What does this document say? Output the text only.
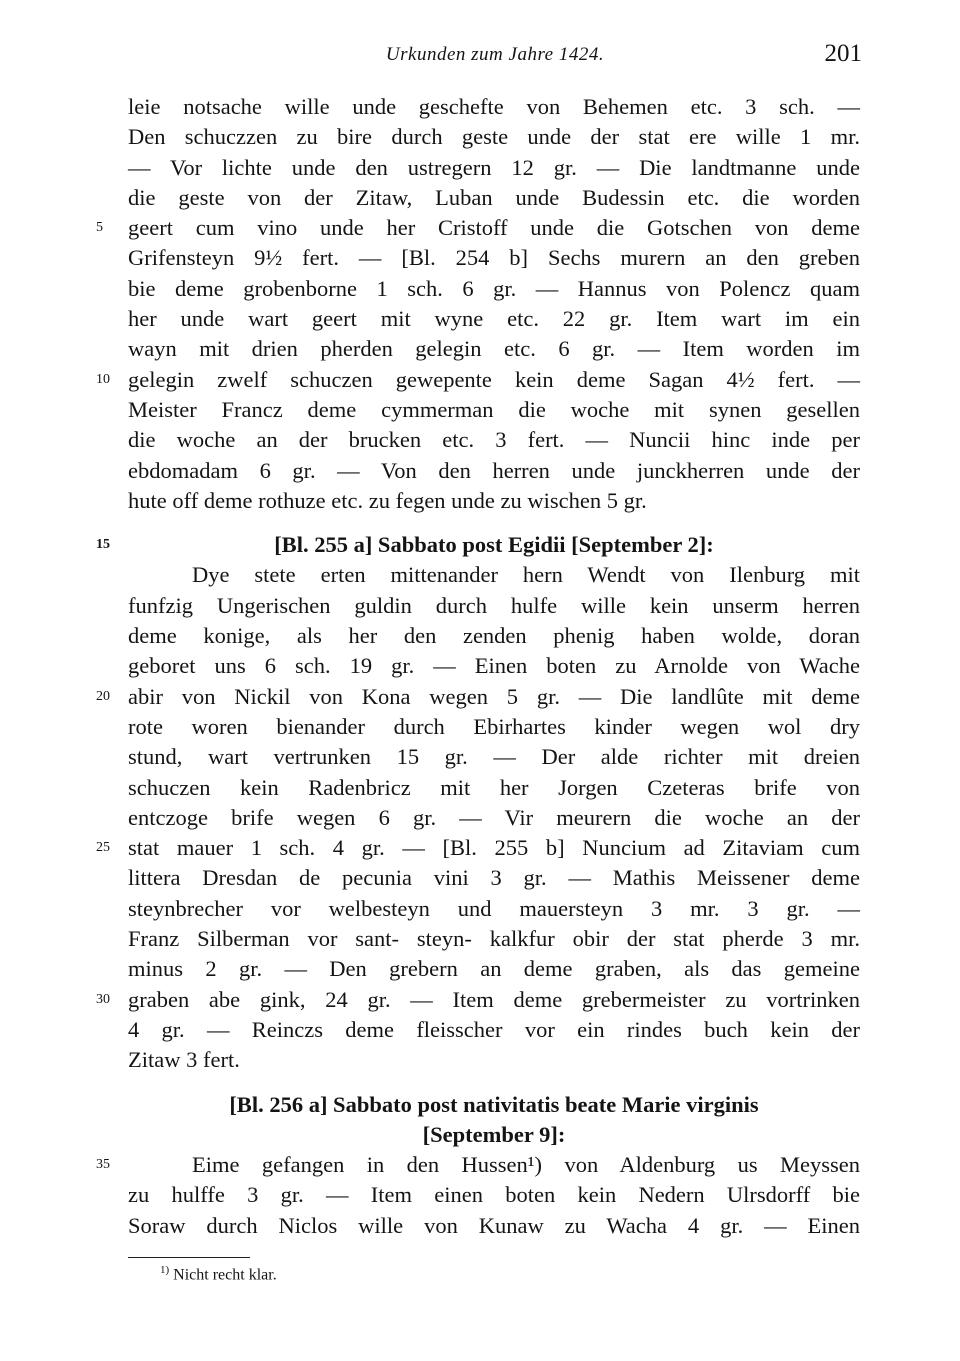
Urkunden zum Jahre 1424.	201
leie notsache wille unde geschefte von Behemen etc. 3 sch. —
Den schuczzen zu bire durch geste unde der stat ere wille 1 mr.
— Vor lichte unde den ustregern 12 gr. — Die landtmanne unde
die geste von der Zitaw, Luban unde Budessin etc. die worden
5	geert cum vino unde her Cristoff unde die Gotschen von deme
Grifensteyn 9½ fert. — [Bl. 254 b] Sechs murern an den greben
bie deme grobenborne 1 sch. 6 gr. — Hannus von Polencz quam
her unde wart geert mit wyne etc. 22 gr. Item wart im ein
wayn mit drien pherden gelegin etc. 6 gr. — Item worden im
10 gelegin zwelf schuczen gewepente kein deme Sagan 4½ fert. —
Meister Francz deme cymmerman die woche mit synen gesellen
die woche an der brucken etc. 3 fert. — Nuncii hinc inde per
ebdomadam 6 gr. — Von den herren unde junckherren unde der
hute off deme rothuze etc. zu fegen unde zu wischen 5 gr.
15	[Bl. 255 a] Sabbato post Egidii [September 2]:
Dye stete erten mittenander hern Wendt von Ilenburg mit
funfzig Ungerischen guldin durch hulfe wille kein unserm herren
deme konige, als her den zenden phenig haben wolde, doran
geboret uns 6 sch. 19 gr. — Einen boten zu Arnolde von Wache
20 abir von Nickil von Kona wegen 5 gr. — Die landlûte mit deme
rote woren bienander durch Ebirhartes kinder wegen wol dry
stund, wart vertrunken 15 gr. — Der alde richter mit dreien
schuczen kein Radenbricz mit her Jorgen Czeteras brife von
entczoge brife wegen 6 gr. — Vir meurern die woche an der
25 stat mauer 1 sch. 4 gr. — [Bl. 255 b] Nuncium ad Zitaviam cum
littera Dresdan de pecunia vini 3 gr. — Mathis Meissener deme
steynbrecher vor welbesteyn und mauersteyn 3 mr. 3 gr. —
Franz Silberman vor sant- steyn- kalkfur obir der stat pherde 3 mr.
minus 2 gr. — Den grebern an deme graben, als das gemeine
30 graben abe gink, 24 gr. — Item deme grebermeister zu vortrinken
4 gr. — Reinczs deme fleisscher vor ein rindes buch kein der
Zitaw 3 fert.
[Bl. 256 a] Sabbato post nativitatis beate Marie virginis
[September 9]:
35	Eime gefangen in den Hussen¹) von Aldenburg us Meyssen
zu hulffe 3 gr. — Item einen boten kein Nedern Ulrsdorff bie
Soraw durch Niclos wille von Kunaw zu Wacha 4 gr. — Einen
$^{1)}$ Nicht recht klar.
